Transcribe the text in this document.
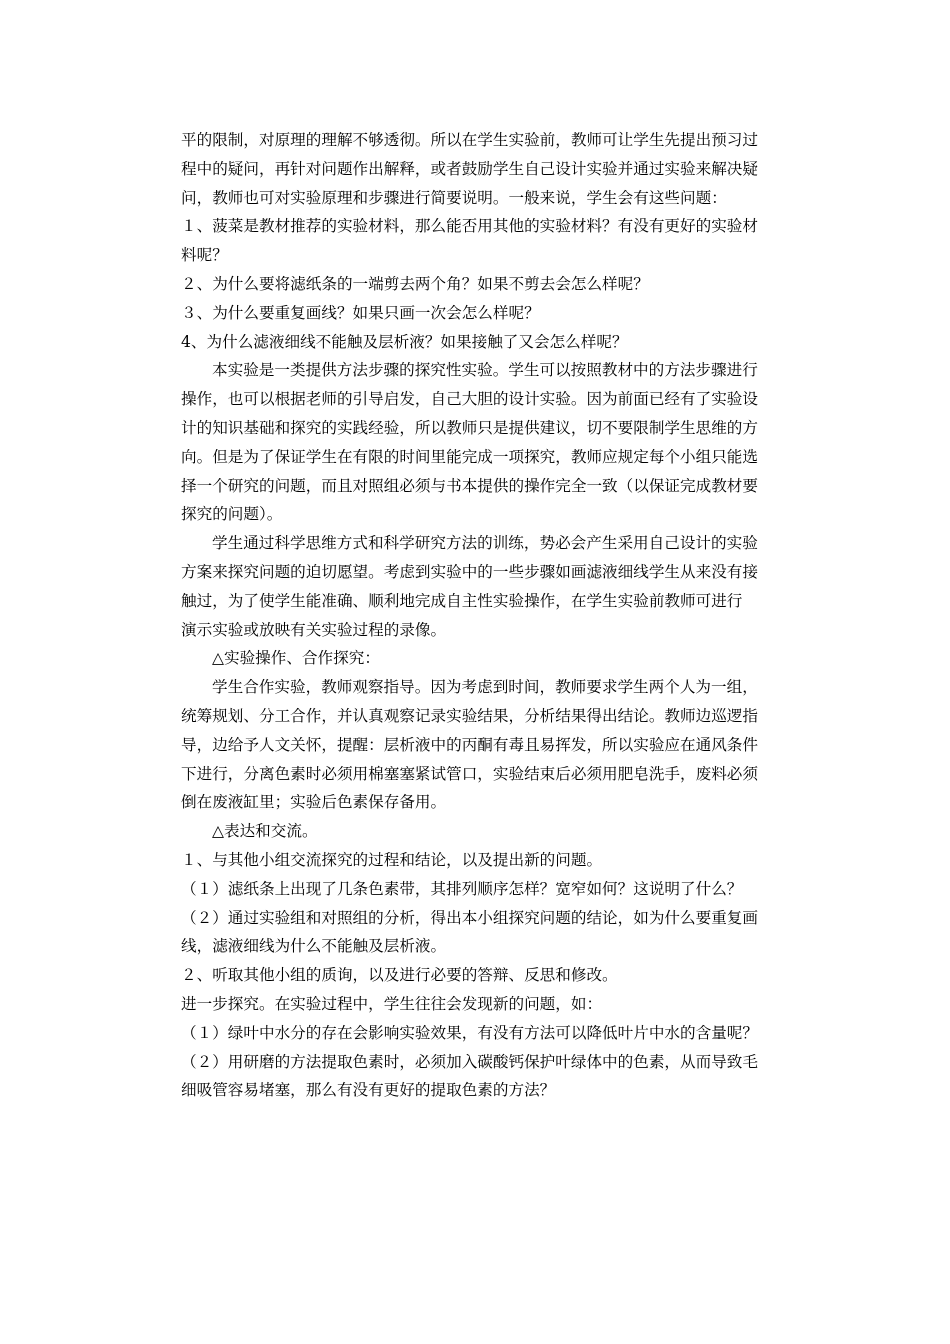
平的限制，对原理的理解不够透彻。所以在学生实验前，教师可让学生先提出预习过
程中的疑问，再针对问题作出解释，或者鼓励学生自己设计实验并通过实验来解决疑
问，教师也可对实验原理和步骤进行简要说明。一般来说，学生会有这些问题：
１、菠菜是教材推荐的实验材料，那么能否用其他的实验材料？有没有更好的实验材
料呢？
２、为什么要将滤纸条的一端剪去两个角？如果不剪去会怎么样呢？
３、为什么要重复画线？如果只画一次会怎么样呢？
4、为什么滤液细线不能触及层析液？如果接触了又会怎么样呢？
本实验是一类提供方法步骤的探究性实验。学生可以按照教材中的方法步骤进行
操作，也可以根据老师的引导启发，自己大胆的设计实验。因为前面已经有了实验设
计的知识基础和探究的实践经验，所以教师只是提供建议，切不要限制学生思维的方
向。但是为了保证学生在有限的时间里能完成一项探究，教师应规定每个小组只能选
择一个研究的问题，而且对照组必须与书本提供的操作完全一致（以保证完成教材要
探究的问题）。
学生通过科学思维方式和科学研究方法的训练，势必会产生采用自己设计的实验
方案来探究问题的迫切愿望。考虑到实验中的一些步骤如画滤液细线学生从来没有接
触过，为了使学生能准确、顺利地完成自主性实验操作，在学生实验前教师可进行
演示实验或放映有关实验过程的录像。
△实验操作、合作探究：
学生合作实验，教师观察指导。因为考虑到时间，教师要求学生两个人为一组，
统筹规划、分工合作，并认真观察记录实验结果，分析结果得出结论。教师边巡逻指
导，边给予人文关怀，提醒：层析液中的丙酮有毒且易挥发，所以实验应在通风条件
下进行，分离色素时必须用棉塞塞紧试管口，实验结束后必须用肥皂洗手，废料必须
倒在废液缸里；实验后色素保存备用。
△表达和交流。
１、与其他小组交流探究的过程和结论，以及提出新的问题。
（１）滤纸条上出现了几条色素带，其排列顺序怎样？宽窄如何？这说明了什么？
（２）通过实验组和对照组的分析，得出本小组探究问题的结论，如为什么要重复画
线，滤液细线为什么不能触及层析液。
２、听取其他小组的质询，以及进行必要的答辩、反思和修改。
进一步探究。在实验过程中，学生往往会发现新的问题，如：
（１）绿叶中水分的存在会影响实验效果，有没有方法可以降低叶片中水的含量呢？
（２）用研磨的方法提取色素时，必须加入碳酸钙保护叶绿体中的色素，从而导致毛
细吸管容易堵塞，那么有没有更好的提取色素的方法？
